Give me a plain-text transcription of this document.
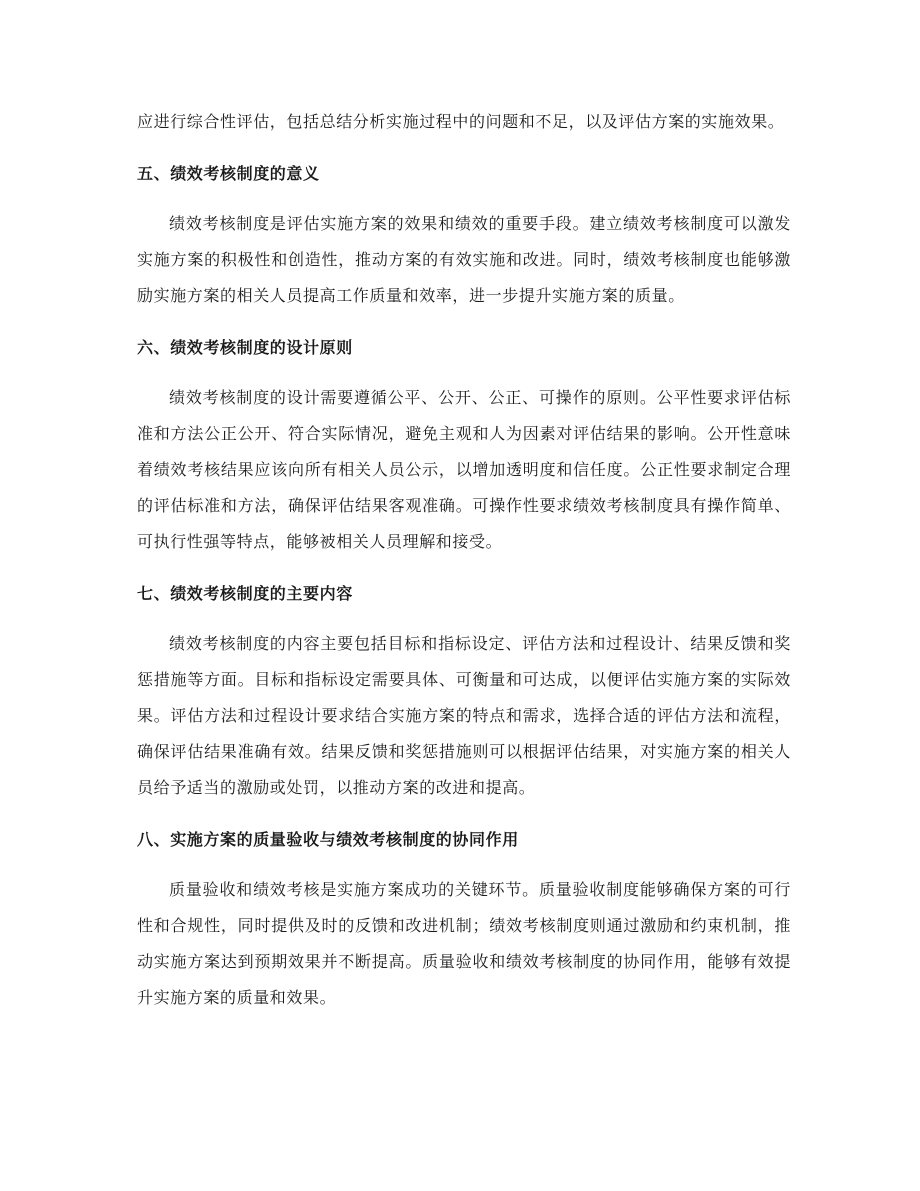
应进行综合性评估，包括总结分析实施过程中的问题和不足，以及评估方案的实施效果。

五、绩效考核制度的意义

绩效考核制度是评估实施方案的效果和绩效的重要手段。建立绩效考核制度可以激发实施方案的积极性和创造性，推动方案的有效实施和改进。同时，绩效考核制度也能够激励实施方案的相关人员提高工作质量和效率，进一步提升实施方案的质量。

六、绩效考核制度的设计原则

绩效考核制度的设计需要遵循公平、公开、公正、可操作的原则。公平性要求评估标准和方法公正公开、符合实际情况，避免主观和人为因素对评估结果的影响。公开性意味着绩效考核结果应该向所有相关人员公示，以增加透明度和信任度。公正性要求制定合理的评估标准和方法，确保评估结果客观准确。可操作性要求绩效考核制度具有操作简单、可执行性强等特点，能够被相关人员理解和接受。

七、绩效考核制度的主要内容

绩效考核制度的内容主要包括目标和指标设定、评估方法和过程设计、结果反馈和奖惩措施等方面。目标和指标设定需要具体、可衡量和可达成，以便评估实施方案的实际效果。评估方法和过程设计要求结合实施方案的特点和需求，选择合适的评估方法和流程，确保评估结果准确有效。结果反馈和奖惩措施则可以根据评估结果，对实施方案的相关人员给予适当的激励或处罚，以推动方案的改进和提高。

八、实施方案的质量验收与绩效考核制度的协同作用

质量验收和绩效考核是实施方案成功的关键环节。质量验收制度能够确保方案的可行性和合规性，同时提供及时的反馈和改进机制；绩效考核制度则通过激励和约束机制，推动实施方案达到预期效果并不断提高。质量验收和绩效考核制度的协同作用，能够有效提升实施方案的质量和效果。
